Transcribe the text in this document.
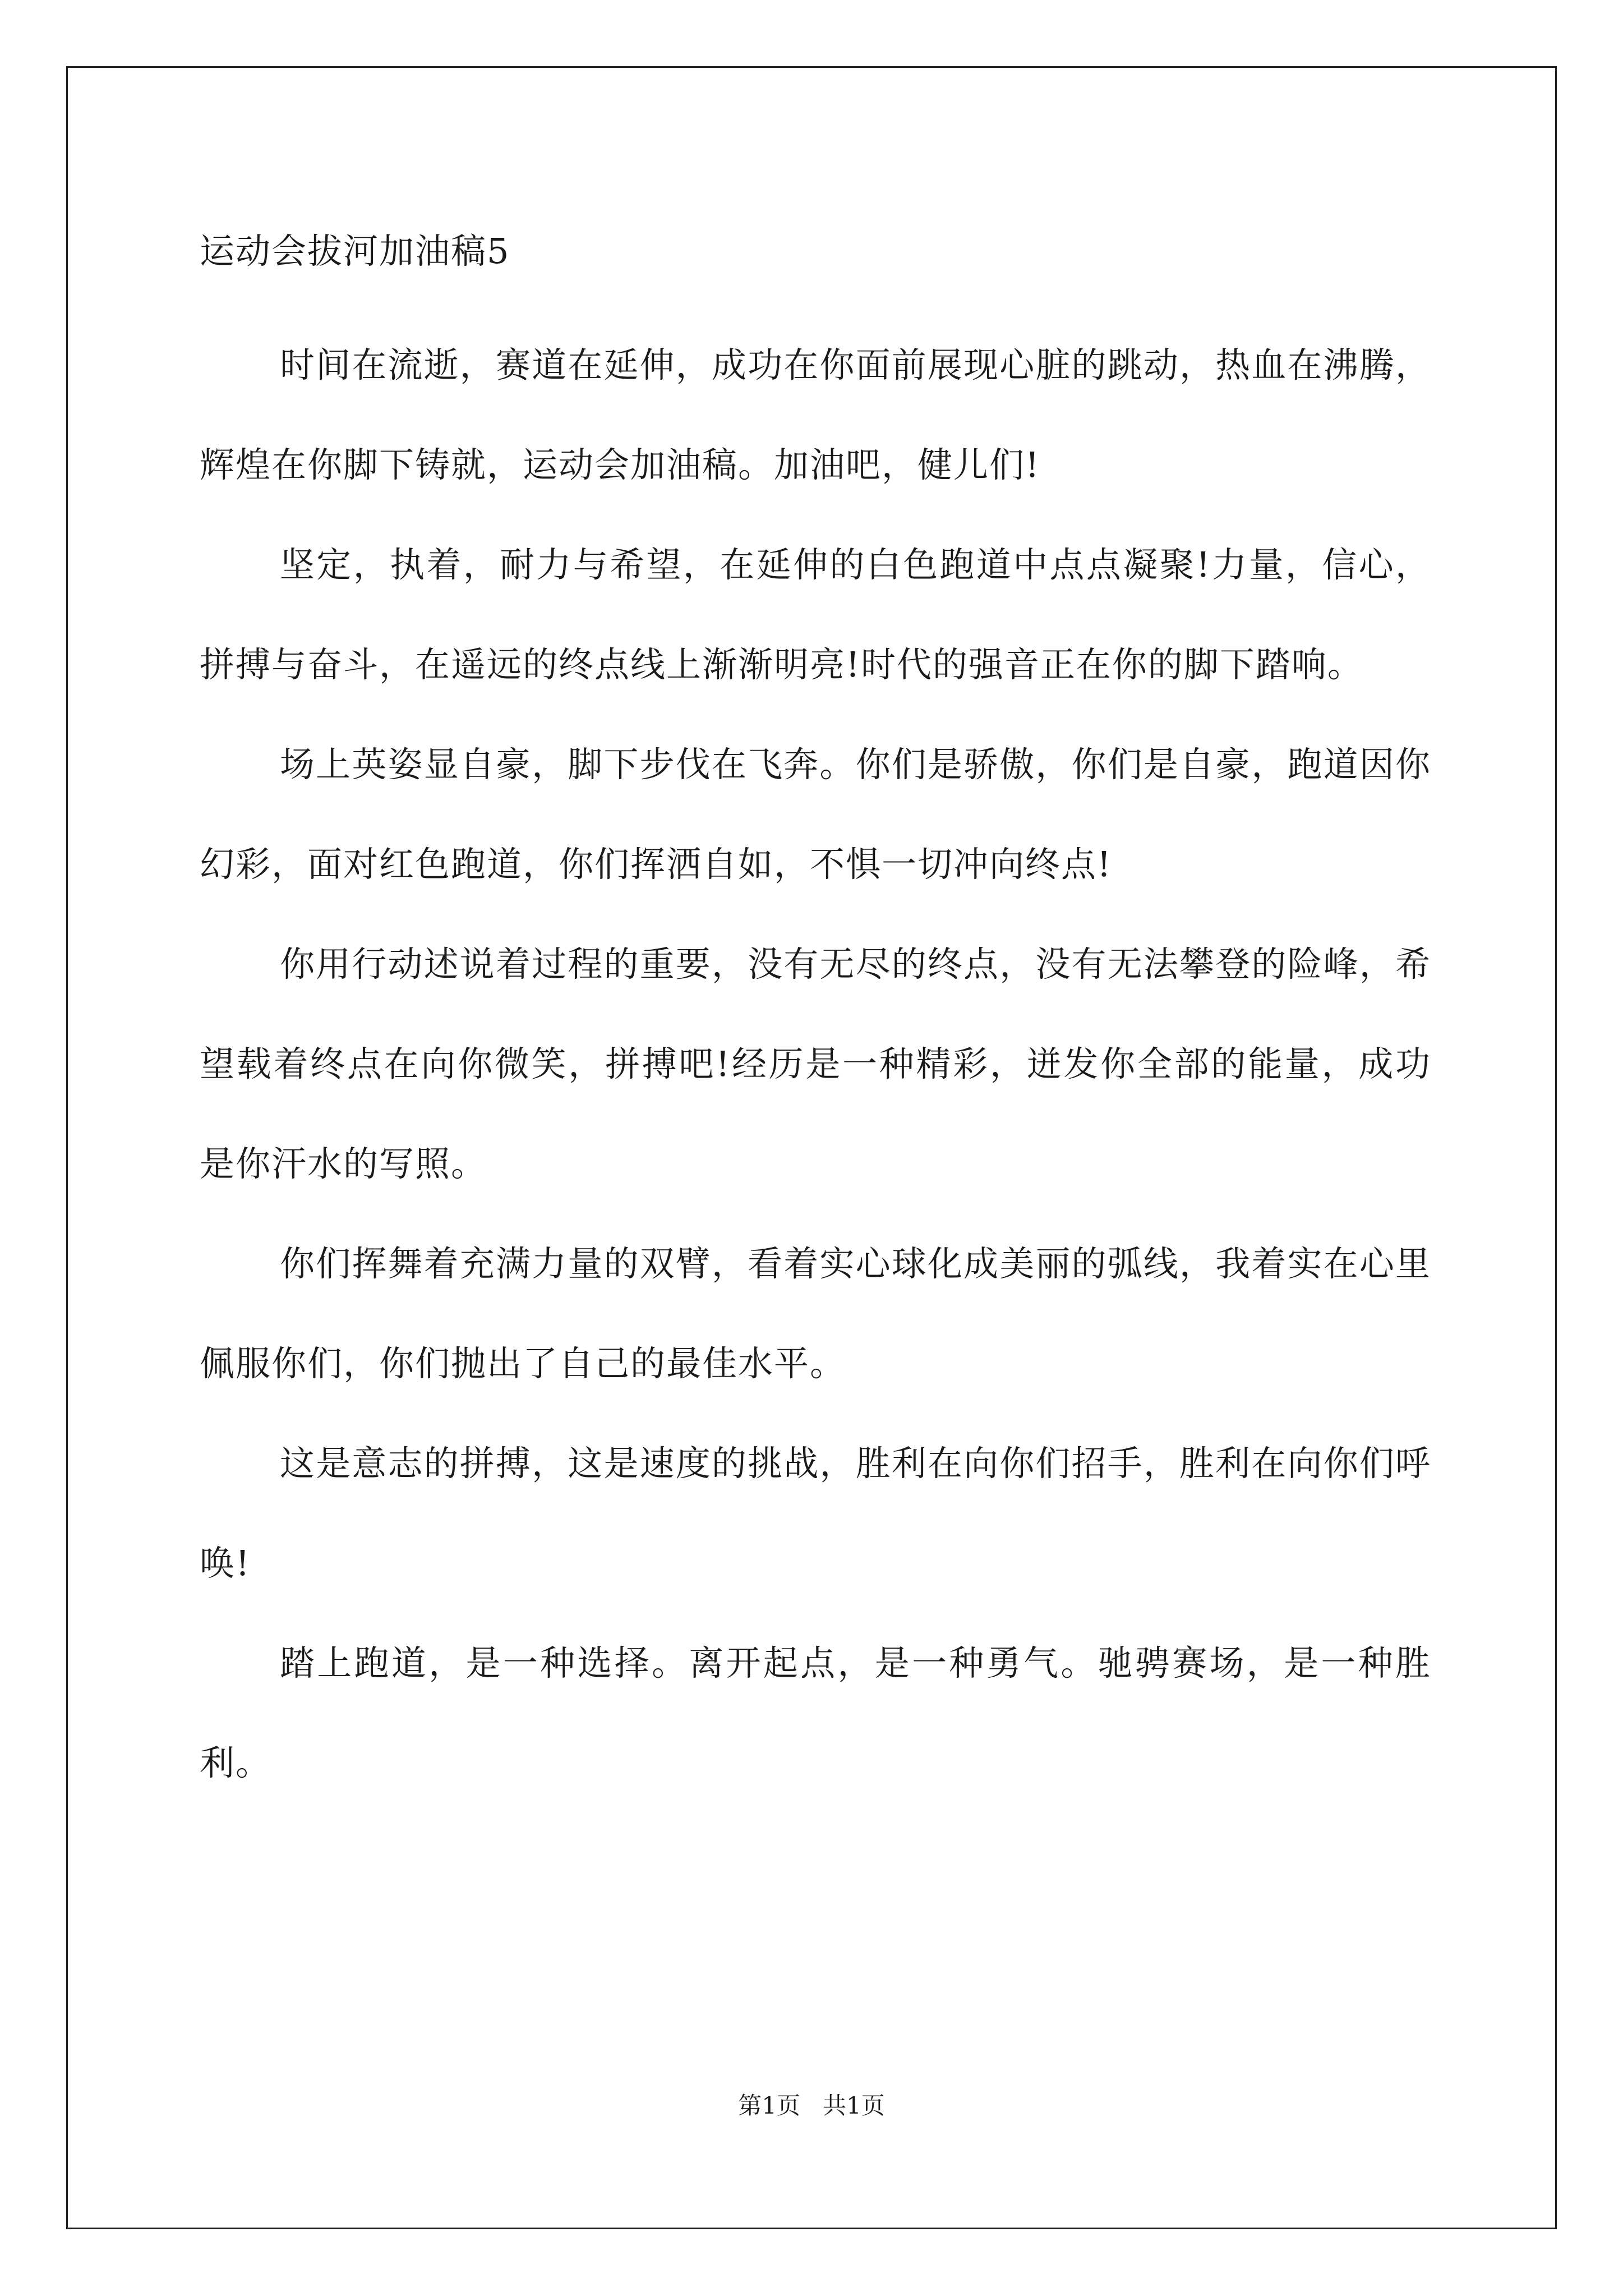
运动会拔河加油稿5

时间在流逝，赛道在延伸，成功在你面前展现心脏的跳动，热血在沸腾，辉煌在你脚下铸就，运动会加油稿。加油吧，健儿们!

坚定，执着，耐力与希望，在延伸的白色跑道中点点凝聚!力量，信心，拼搏与奋斗，在遥远的终点线上渐渐明亮!时代的强音正在你的脚下踏响。

场上英姿显自豪，脚下步伐在飞奔。你们是骄傲，你们是自豪，跑道因你幻彩，面对红色跑道，你们挥洒自如，不惧一切冲向终点!

你用行动述说着过程的重要，没有无尽的终点，没有无法攀登的险峰，希望载着终点在向你微笑，拼搏吧!经历是一种精彩，迸发你全部的能量，成功是你汗水的写照。

你们挥舞着充满力量的双臂，看着实心球化成美丽的弧线，我着实在心里佩服你们，你们抛出了自己的最佳水平。

这是意志的拼搏，这是速度的挑战，胜利在向你们招手，胜利在向你们呼唤!

踏上跑道，是一种选择。离开起点，是一种勇气。驰骋赛场，是一种胜利。

第1页   共1页
